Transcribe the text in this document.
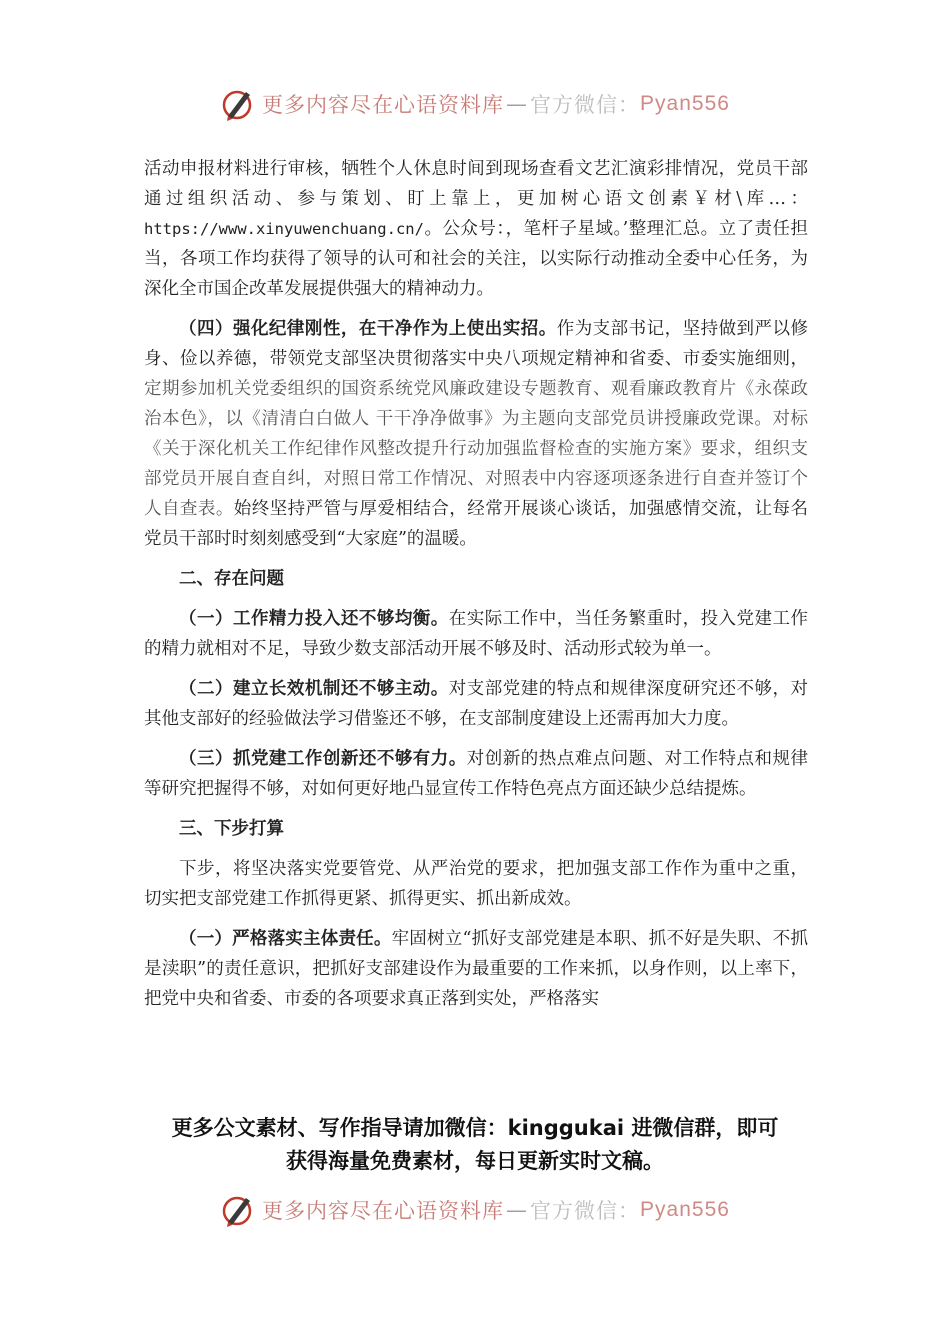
更多内容尽在心语资料库 — 官方微信： Pyan556

活动申报材料进行审核，牺牲个人休息时间到现场查看文艺汇演彩排情况，党员干部通过组织活动、参与策划、盯上靠上，更加树心语文创素￥材\库…：https://www.xinyuwenchuang.cn/。公众号：，笔杆子星域。’整理汇总。立了责任担当，各项工作均获得了领导的认可和社会的关注，以实际行动推动全委中心任务，为深化全市国企改革发展提供强大的精神动力。

（四）强化纪律刚性，在干净作为上使出实招。作为支部书记，坚持做到严以修身、俭以养德，带领党支部坚决贯彻落实中央八项规定精神和省委、市委实施细则，定期参加机关党委组织的国资系统党风廉政建设专题教育、观看廉政教育片《永葆政治本色》，以《清清白白做人 干干净净做事》为主题向支部党员讲授廉政党课。对标《关于深化机关工作纪律作风整改提升行动加强监督检查的实施方案》要求，组织支部党员开展自查自纠，对照日常工作情况、对照表中内容逐项逐条进行自查并签订个人自查表。始终坚持严管与厚爱相结合，经常开展谈心谈话，加强感情交流，让每名党员干部时时刻刻感受到“大家庭”的温暖。

二、存在问题

（一）工作精力投入还不够均衡。在实际工作中，当任务繁重时，投入党建工作的精力就相对不足，导致少数支部活动开展不够及时、活动形式较为单一。

（二）建立长效机制还不够主动。对支部党建的特点和规律深度研究还不够，对其他支部好的经验做法学习借鉴还不够，在支部制度建设上还需再加大力度。

（三）抓党建工作创新还不够有力。对创新的热点难点问题、对工作特点和规律等研究把握得不够，对如何更好地凸显宣传工作特色亮点方面还缺少总结提炼。

三、下步打算

下步，将坚决落实党要管党、从严治党的要求，把加强支部工作作为重中之重，切实把支部党建工作抓得更紧、抓得更实、抓出新成效。

（一）严格落实主体责任。牢固树立“抓好支部党建是本职、抓不好是失职、不抓是渎职”的责任意识，把抓好支部建设作为最重要的工作来抓，以身作则，以上率下，把党中央和省委、市委的各项要求真正落到实处，严格落实

更多公文素材、写作指导请加微信：kinggukai 进微信群，即可
获得海量免费素材，每日更新实时文稿。
更多内容尽在心语资料库 — 官方微信： Pyan556
